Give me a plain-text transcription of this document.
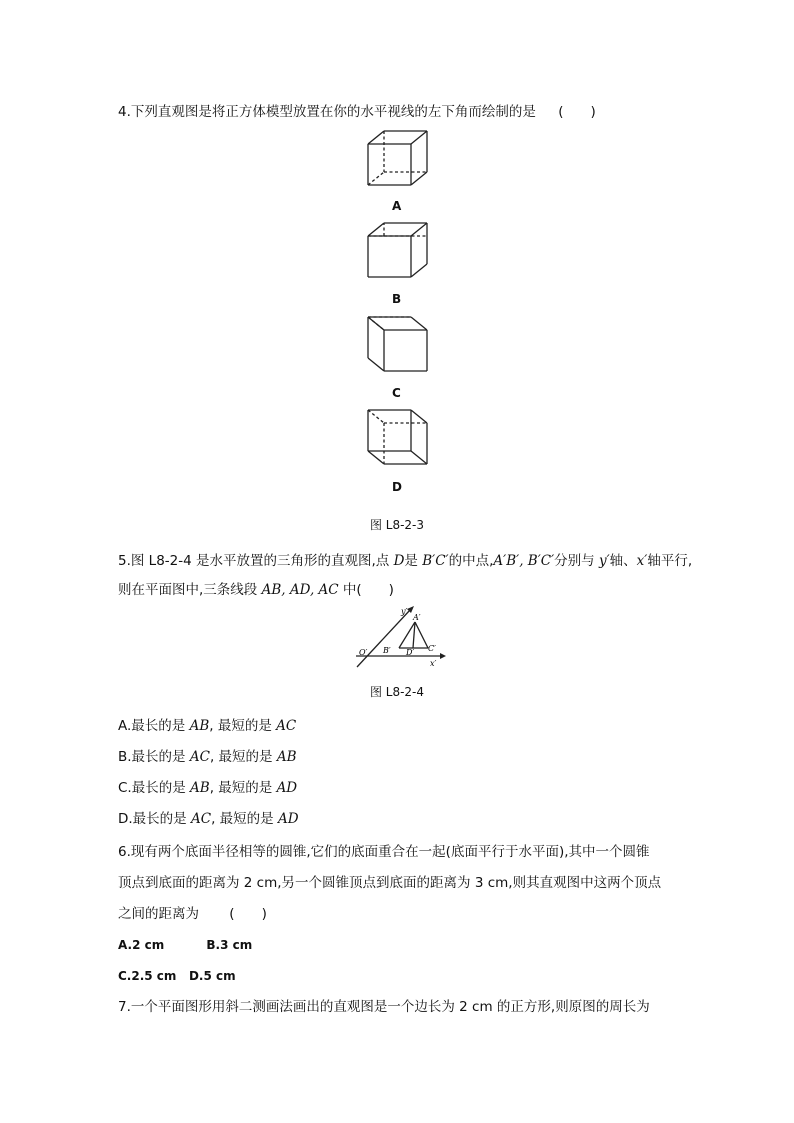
4.下列直观图是将正方体模型放置在你的水平视线的左下角而绘制的是 (　　)
A
B
C
D
图 L8-2-3
5.图 L8-2-4 是水平放置的三角形的直观图,点 D是 B′C′的中点,A′B′, B′C′分别与 y′轴、x′轴平行,
则在平面图中,三条线段 AB, AD, AC 中(　　)
y′
A′
O′ B′ D′ C′
x′
图 L8-2-4
A.最长的是 AB, 最短的是 AC
B.最长的是 AC, 最短的是 AB
C.最长的是 AB, 最短的是 AD
D.最长的是 AC, 最短的是 AD
6.现有两个底面半径相等的圆锥,它们的底面重合在一起(底面平行于水平面),其中一个圆锥
顶点到底面的距离为 2 cm,另一个圆锥顶点到底面的距离为 3 cm,则其直观图中这两个顶点
之间的距离为 (　　)
A.2 cm	B.3 cm
C.2.5 cm   D.5 cm
7.一个平面图形用斜二测画法画出的直观图是一个边长为 2 cm 的正方形,则原图的周长为
